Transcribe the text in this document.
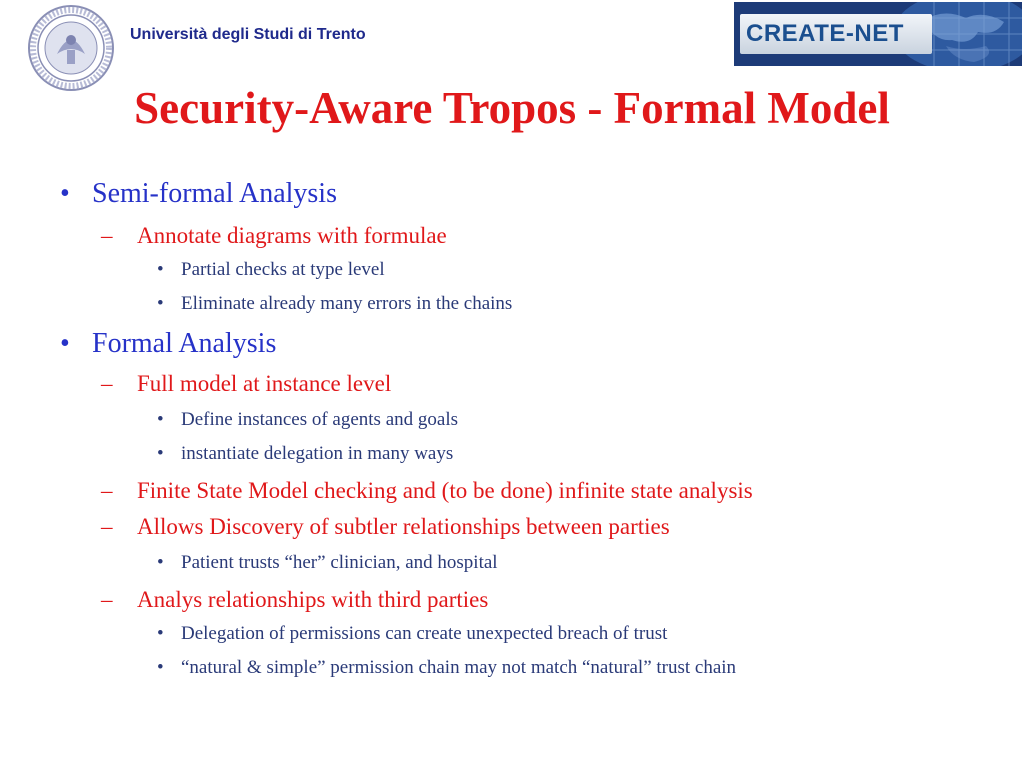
Università degli Studi di Trento	CREATE-NET
Security-Aware Tropos - Formal Model
• Semi-formal Analysis
– Annotate diagrams with formulae
• Partial checks at type level
• Eliminate already many errors in the chains
• Formal Analysis
– Full model at instance level
• Define instances of agents and goals
• instantiate delegation in many ways
– Finite State Model checking and (to be done) infinite state analysis
– Allows Discovery of subtler relationships between parties
• Patient trusts “her” clinician, and hospital
– Analys relationships with third parties
• Delegation of permissions can create unexpected breach of trust
• “natural & simple” permission chain may not match “natural” trust chain
